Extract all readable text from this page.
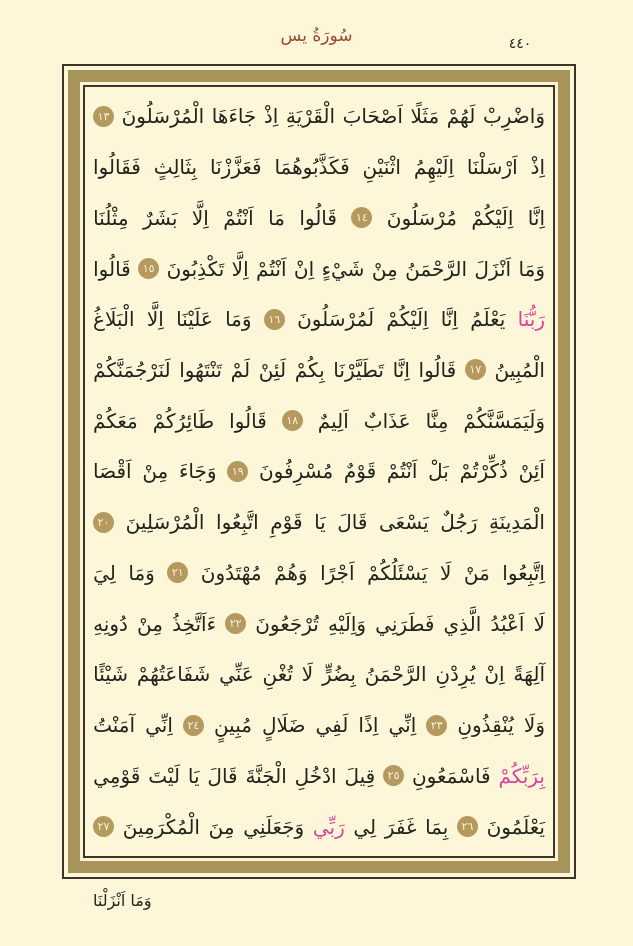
سُورَةُ يس	٤٤٠
وَاضْرِبْ
لَهُمْ
مَثَلًا
اَصْحَابَ
الْقَرْيَةِ
اِذْ
جَاءَهَا
الْمُرْسَلُونَ
١٣
اِذْ
اَرْسَلْنَا
اِلَيْهِمُ
اثْنَيْنِ
فَكَذَّبُوهُمَا
فَعَزَّزْنَا
بِثَالِثٍ
فَقَالُوا
اِنَّا
اِلَيْكُمْ
مُرْسَلُونَ
١٤
قَالُوا
مَا
اَنْتُمْ
اِلَّا
بَشَرٌ
مِثْلُنَا
وَمَا
اَنْزَلَ
الرَّحْمَنُ
مِنْ
شَيْءٍ
اِنْ
اَنْتُمْ
اِلَّا
تَكْذِبُونَ
١٥
قَالُوا
رَبُّنَا
يَعْلَمُ
اِنَّا
اِلَيْكُمْ
لَمُرْسَلُونَ
١٦
وَمَا
عَلَيْنَا
اِلَّا
الْبَلَاغُ
الْمُبِينُ
١٧
قَالُوا
اِنَّا
تَطَيَّرْنَا
بِكُمْ
لَئِنْ
لَمْ
تَنْتَهُوا
لَنَرْجُمَنَّكُمْ
وَلَيَمَسَّنَّكُمْ
مِنَّا
عَذَابٌ
اَلِيمٌ
١٨
قَالُوا
طَائِرُكُمْ
مَعَكُمْ
اَئِنْ
ذُكِّرْتُمْ
بَلْ
اَنْتُمْ
قَوْمٌ
مُسْرِفُونَ
١٩
وَجَاءَ
مِنْ
اَقْصَا
الْمَدِينَةِ
رَجُلٌ
يَسْعَى
قَالَ
يَا
قَوْمِ
اتَّبِعُوا
الْمُرْسَلِينَ
٢٠
اِتَّبِعُوا
مَنْ
لَا
يَسْئَلُكُمْ
اَجْرًا
وَهُمْ
مُهْتَدُونَ
٢١
وَمَا
لِيَ
لَا
اَعْبُدُ
الَّذِي
فَطَرَنِي
وَاِلَيْهِ
تُرْجَعُونَ
٢٢
ءَاَتَّخِذُ
مِنْ
دُونِهِ
آلِهَةً
اِنْ
يُرِدْنِ
الرَّحْمَنُ
بِضُرٍّ
لَا
تُغْنِ
عَنِّي
شَفَاعَتُهُمْ
شَيْئًا
وَلَا
يُنْقِذُونِ
٢٣
اِنِّي
اِذًا
لَفِي
ضَلَالٍ
مُبِينٍ
٢٤
اِنِّي
آمَنْتُ
بِرَبِّكُمْ
فَاسْمَعُونِ
٢٥
قِيلَ
ادْخُلِ
الْجَنَّةَ
قَالَ
يَا
لَيْتَ
قَوْمِي
يَعْلَمُونَ
٢٦
بِمَا
غَفَرَ
لِي
رَبِّي
وَجَعَلَنِي
مِنَ
الْمُكْرَمِينَ
٢٧
وَمَا اَنْزَلْنَا
